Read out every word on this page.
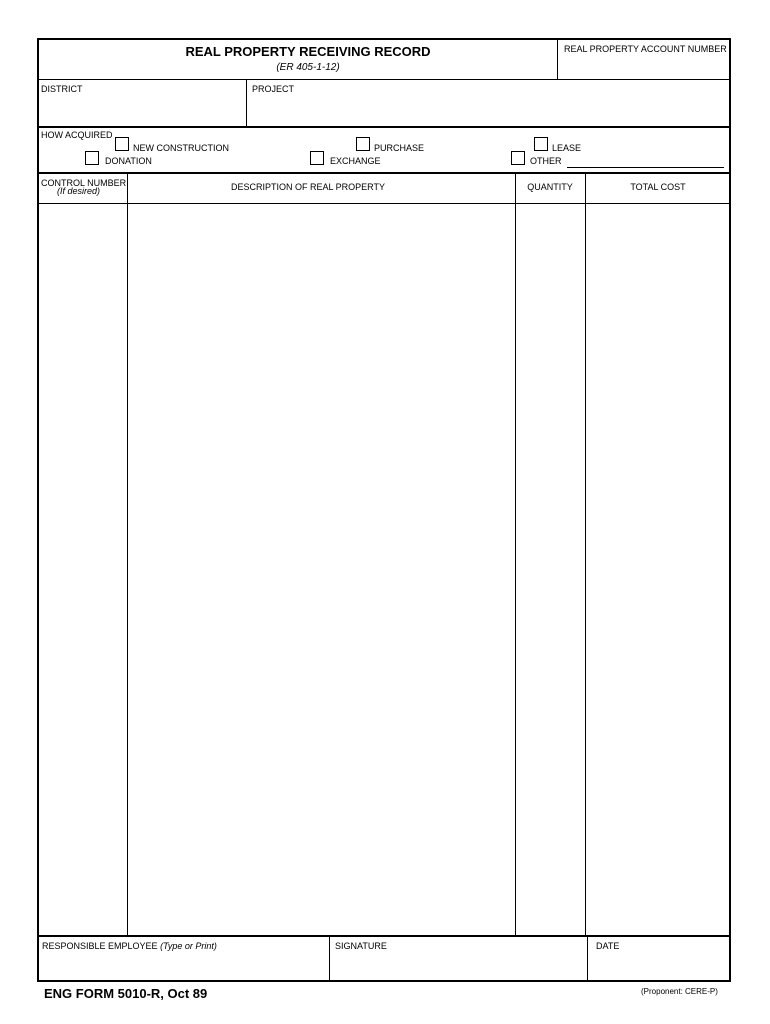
REAL PROPERTY RECEIVING RECORD
(ER 405-1-12)
REAL PROPERTY ACCOUNT NUMBER
DISTRICT	PROJECT
HOW ACQUIRED
NEW CONSTRUCTION
DONATION
PURCHASE
EXCHANGE
LEASE
OTHER
CONTROL NUMBER
(If desired)	DESCRIPTION OF REAL PROPERTY	QUANTITY	TOTAL COST
RESPONSIBLE EMPLOYEE (Type or Print)	SIGNATURE	DATE
ENG FORM 5010-R, Oct 89	(Proponent: CERE-P)
